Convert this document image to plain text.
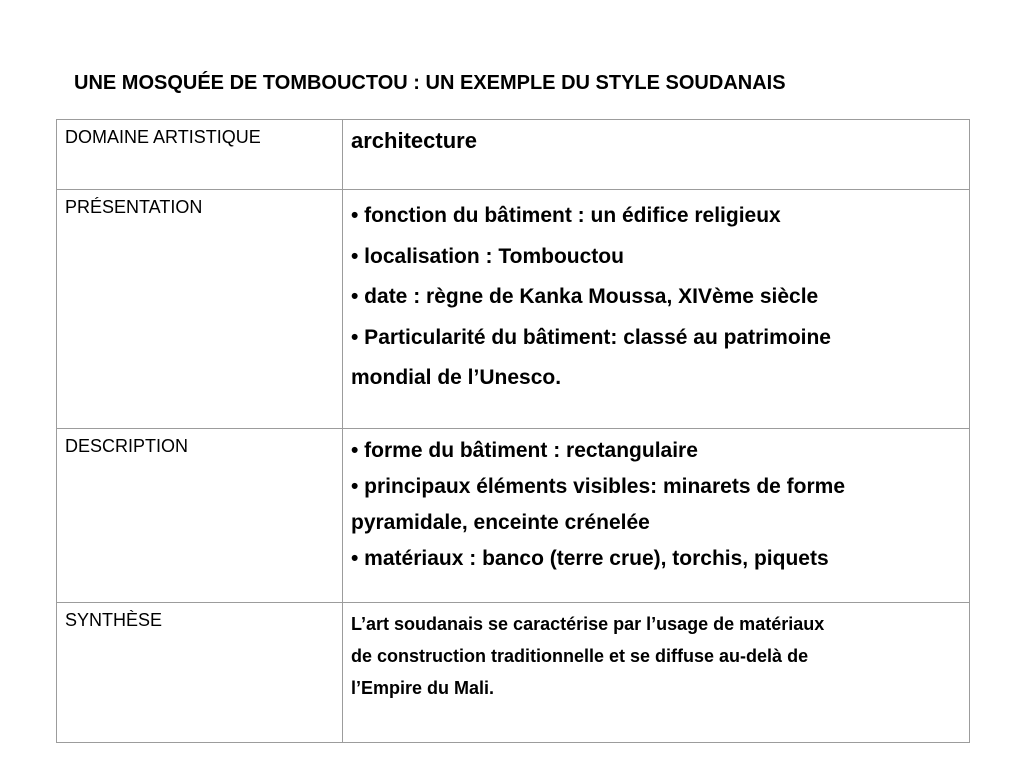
UNE MOSQUÉE DE TOMBOUCTOU : UN EXEMPLE DU STYLE SOUDANAIS
DOMAINE ARTISTIQUE	architecture

PRÉSENTATION	• fonction du bâtiment : un édifice religieux
• localisation : Tombouctou
• date : règne de Kanka Moussa, XIVème siècle
• Particularité du bâtiment: classé au patrimoine
mondial de l’Unesco.

DESCRIPTION	• forme du bâtiment : rectangulaire
• principaux éléments visibles: minarets de forme
pyramidale, enceinte crénelée
• matériaux : banco (terre crue), torchis, piquets

SYNTHÈSE	L’art soudanais se caractérise par l’usage de matériaux
de construction traditionnelle et se diffuse au-delà de
l’Empire du Mali.
